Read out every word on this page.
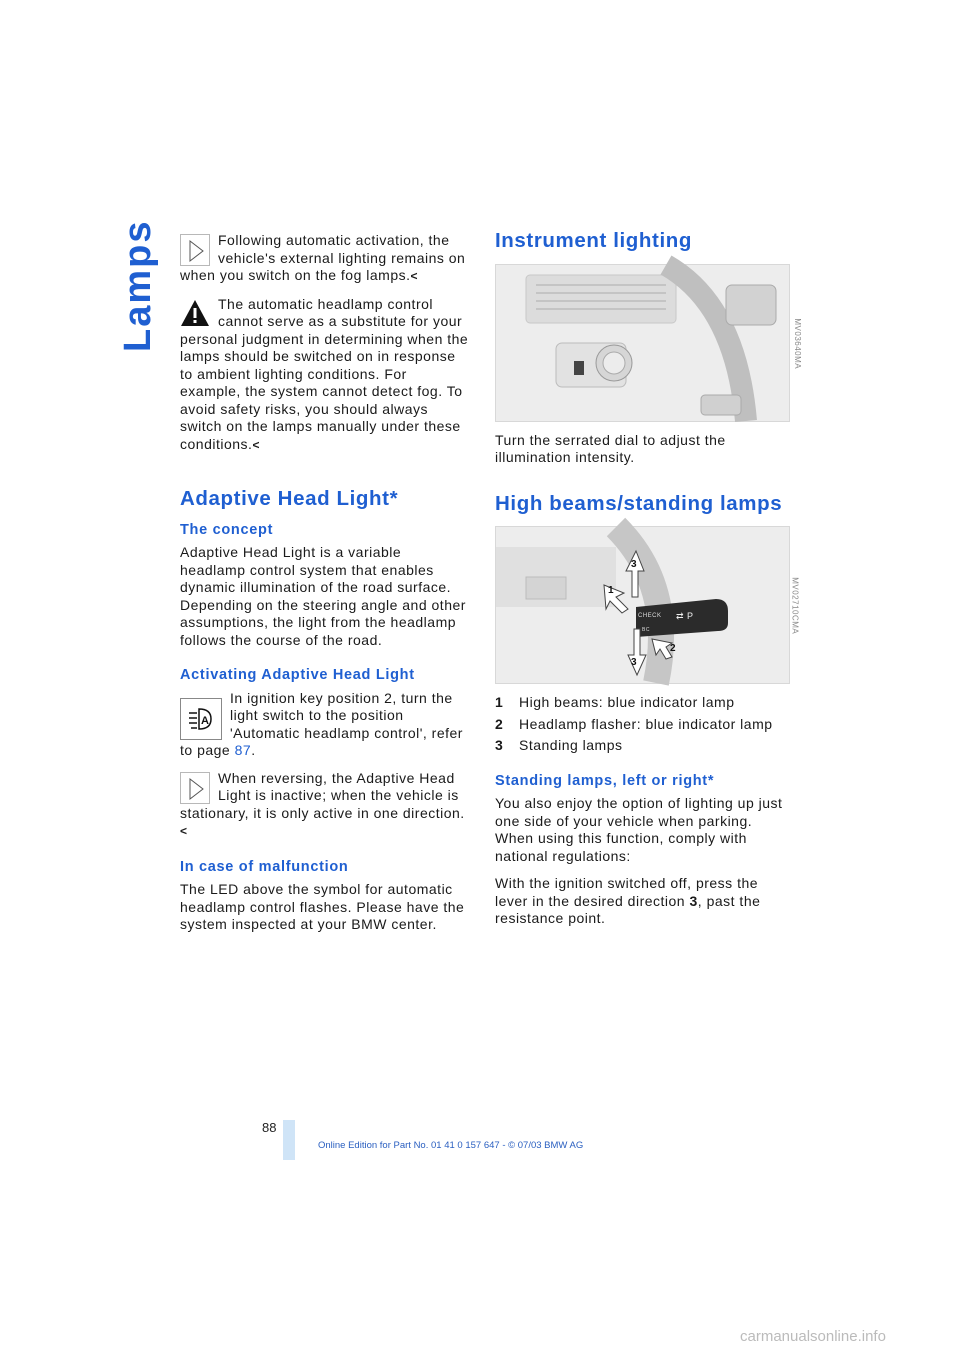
Lamps	Following automatic activation, the vehicle's external lighting remains on when you switch on the fog lamps.<
The automatic headlamp control cannot serve as a substitute for your personal judgment in determining when the lamps should be switched on in response to ambient lighting conditions. For example, the system cannot detect fog. To avoid safety risks, you should always switch on the lamps manually under these conditions.<
Adaptive Head Light*
The concept

Adaptive Head Light is a variable headlamp control system that enables dynamic illumination of the road surface. Depending on the steering angle and other assumptions, the light from the headlamp follows the course of the road.

Activating Adaptive Head Light
A
In ignition key position 2, turn the light switch to the position 'Automatic headlamp control', refer to page 87.
When reversing, the Adaptive Head Light is inactive; when the vehicle is stationary, it is only active in one direction.<
In case of malfunction

The LED above the symbol for automatic headlamp control flashes. Please have the system inspected at your BMW center.

Instrument lighting
MV03640MA

Turn the serrated dial to adjust the illumination intensity.

High beams/standing lamps
CHECK
BC
⇄ P
1
3
3
2
MV02710CMA
1 High beams: blue indicator lamp
2 Headlamp flasher: blue indicator lamp
3 Standing lamps
Standing lamps, left or right*

You also enjoy the option of lighting up just one side of your vehicle when parking. When using this function, comply with national regulations:

With the ignition switched off, press the lever in the desired direction 3, past the resistance point.

88
Online Edition for Part No. 01 41 0 157 647 - © 07/03 BMW AG
carmanualsonline.info
